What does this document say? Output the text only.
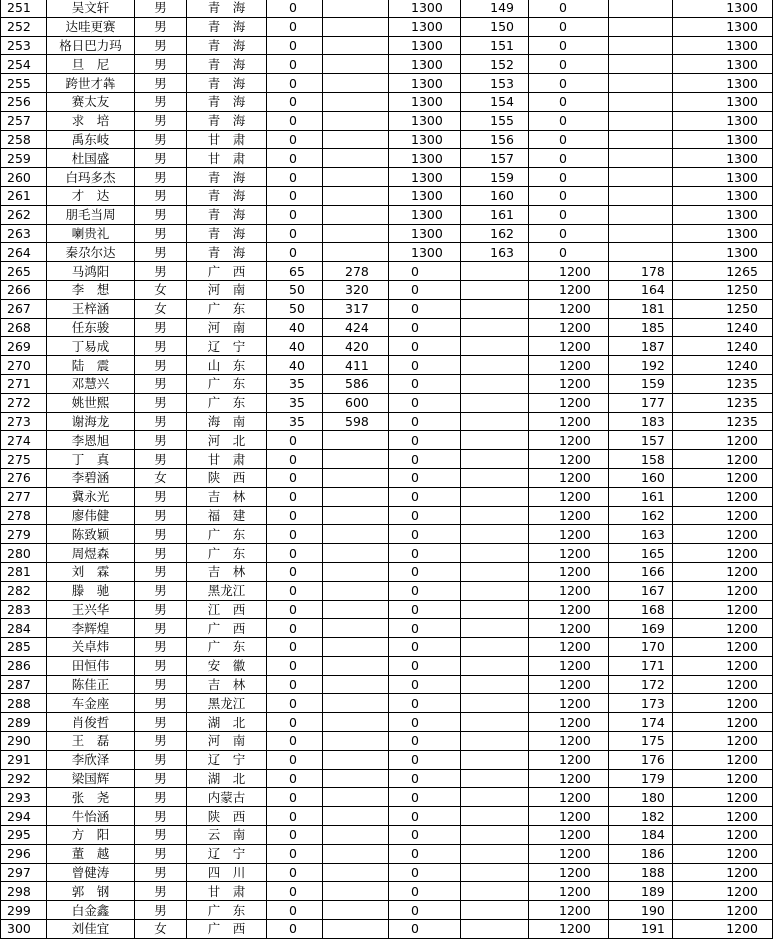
251	吴文轩	男	青　海	0		1300	149	0		1300
252	达哇更赛	男	青　海	0		1300	150	0		1300
253	格日巴力玛	男	青　海	0		1300	151	0		1300
254	旦　尼	男	青　海	0		1300	152	0		1300
255	跨世才犇	男	青　海	0		1300	153	0		1300
256	赛太友	男	青　海	0		1300	154	0		1300
257	求　培	男	青　海	0		1300	155	0		1300
258	禹东岐	男	甘　肃	0		1300	156	0		1300
259	杜国盛	男	甘　肃	0		1300	157	0		1300
260	白玛多杰	男	青　海	0		1300	159	0		1300
261	才　达	男	青　海	0		1300	160	0		1300
262	朋毛当周	男	青　海	0		1300	161	0		1300
263	喇贵礼	男	青　海	0		1300	162	0		1300
264	秦尕尔达	男	青　海	0		1300	163	0		1300
265	马鸿阳	男	广　西	65	278	0		1200	178	1265
266	李　想	女	河　南	50	320	0		1200	164	1250
267	王梓涵	女	广　东	50	317	0		1200	181	1250
268	任东骏	男	河　南	40	424	0		1200	185	1240
269	丁易成	男	辽　宁	40	420	0		1200	187	1240
270	陆　震	男	山　东	40	411	0		1200	192	1240
271	邓慧兴	男	广　东	35	586	0		1200	159	1235
272	姚世熙	男	广　东	35	600	0		1200	177	1235
273	谢海龙	男	海　南	35	598	0		1200	183	1235
274	李恩旭	男	河　北	0		0		1200	157	1200
275	丁　真	男	甘　肃	0		0		1200	158	1200
276	李碧涵	女	陕　西	0		0		1200	160	1200
277	冀永光	男	吉　林	0		0		1200	161	1200
278	廖伟健	男	福　建	0		0		1200	162	1200
279	陈致颖	男	广　东	0		0		1200	163	1200
280	周煜森	男	广　东	0		0		1200	165	1200
281	刘　霖	男	吉　林	0		0		1200	166	1200
282	滕　驰	男	黑龙江	0		0		1200	167	1200
283	王兴华	男	江　西	0		0		1200	168	1200
284	李辉煌	男	广　西	0		0		1200	169	1200
285	关卓炜	男	广　东	0		0		1200	170	1200
286	田恒伟	男	安　徽	0		0		1200	171	1200
287	陈佳正	男	吉　林	0		0		1200	172	1200
288	车金座	男	黑龙江	0		0		1200	173	1200
289	肖俊哲	男	湖　北	0		0		1200	174	1200
290	王　磊	男	河　南	0		0		1200	175	1200
291	李欣泽	男	辽　宁	0		0		1200	176	1200
292	梁国辉	男	湖　北	0		0		1200	179	1200
293	张　尧	男	内蒙古	0		0		1200	180	1200
294	牛怡涵	男	陕　西	0		0		1200	182	1200
295	方　阳	男	云　南	0		0		1200	184	1200
296	董　越	男	辽　宁	0		0		1200	186	1200
297	曾健涛	男	四　川	0		0		1200	188	1200
298	郭　钢	男	甘　肃	0		0		1200	189	1200
299	白金鑫	男	广　东	0		0		1200	190	1200
300	刘佳宜	女	广　西	0		0		1200	191	1200
